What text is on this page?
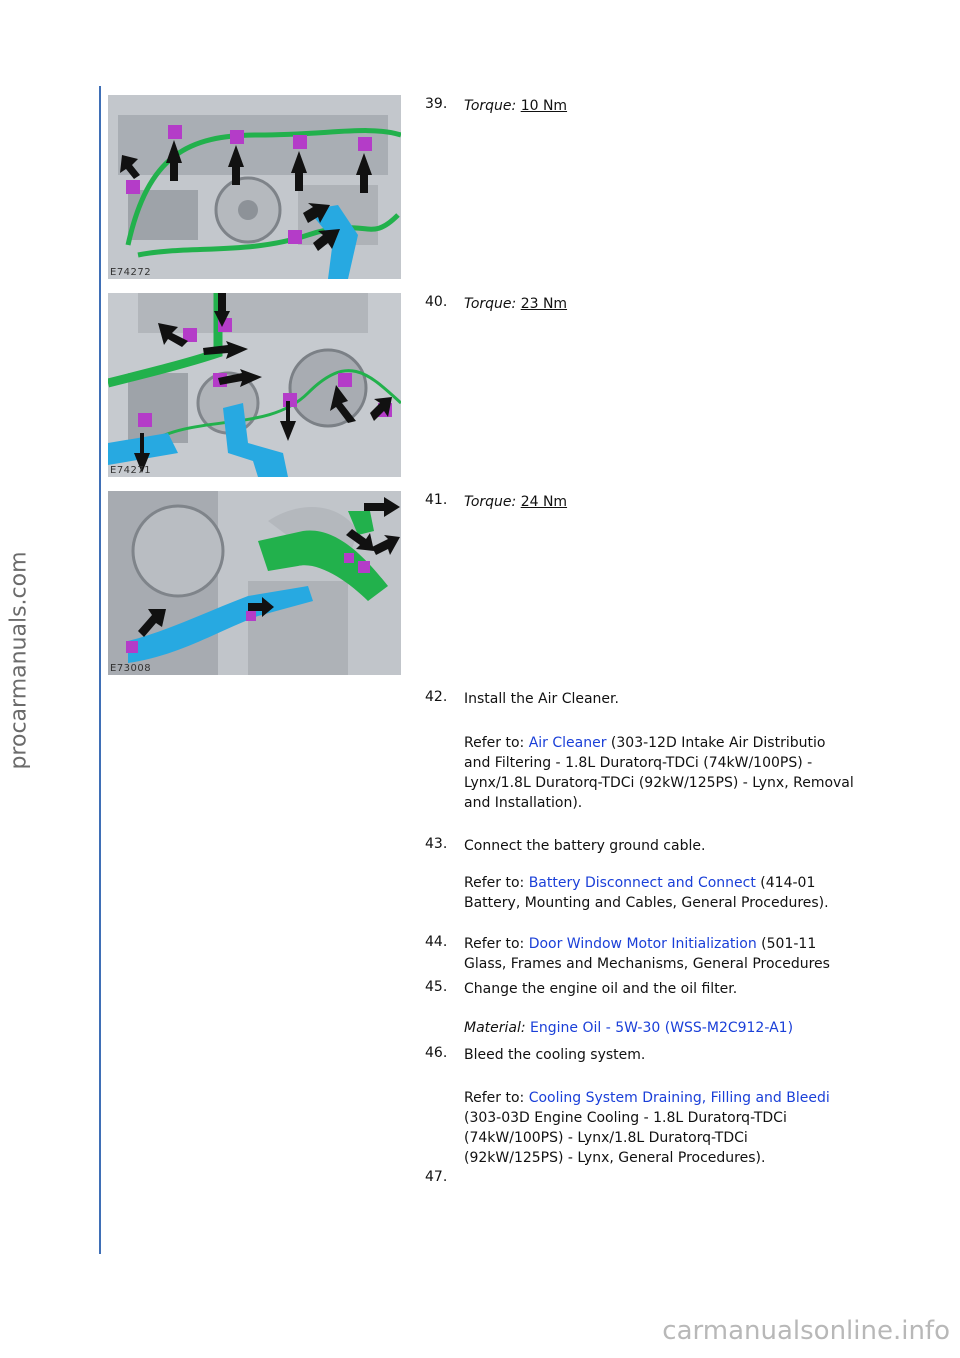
procarmanuals.com
carmanualsonline.info
E74272
E74271
E73008
39. Torque: 10 Nm
40. Torque: 23 Nm
41. Torque: 24 Nm
42. Install the Air Cleaner.
Refer to: Air Cleaner (303-12D Intake Air Distributio
and Filtering - 1.8L Duratorq-TDCi (74kW/100PS) - Lynx/1.8L Duratorq-TDCi (92kW/125PS) - Lynx, Removal and Installation).
43. Connect the battery ground cable.
Refer to: Battery Disconnect and Connect (414-01
Battery, Mounting and Cables, General Procedures).
44. Refer to: Door Window Motor Initialization (501-11
Glass, Frames and Mechanisms, General Procedures
45. Change the engine oil and the oil filter.
Material: Engine Oil - 5W-30 (WSS-M2C912-A1)
46. Bleed the cooling system.
Refer to: Cooling System Draining, Filling and Bleedi
(303-03D Engine Cooling - 1.8L Duratorq-TDCi (74kW/100PS) - Lynx/1.8L Duratorq-TDCi (92kW/125PS) - Lynx, General Procedures).
47.
